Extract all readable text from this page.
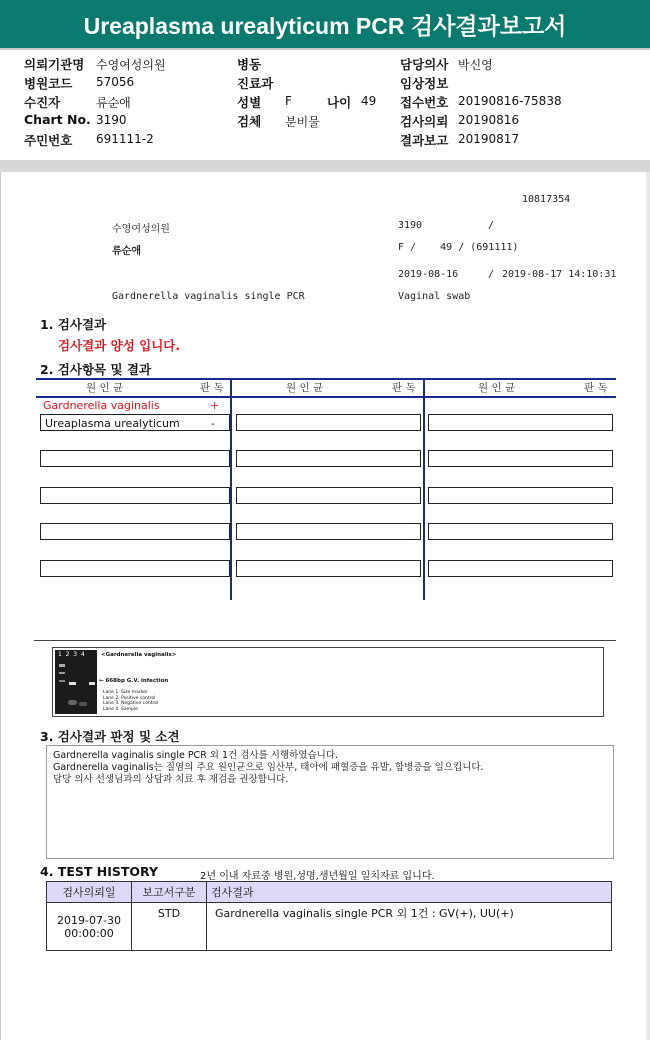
Ureaplasma urealyticum PCR 검사결과보고서
의뢰기관명 수영여성의원
병원코드 57056
수진자	류순애
Chart No. 3190
주민번호 691111-2
병동
진료과
성별 F	나이 49
검체 분비물
담당의사 박신영
임상정보
접수번호 20190816-75838
검사의뢰 20190816
결과보고 20190817
10817354
수영여성의원	3190	/
류순애	F /    49 / (691111)
2019-08-16	/ 2019-08-17 14:10:31
Gardnerella vaginalis single PCR	Vaginal swab
1. 검사결과
검사결과 양성 입니다.
2. 검사항목 및 결과
원 인 균	판 독	원 인 균	판 독	원 인 균	판 독
Gardnerella vaginalis	+
Ureaplasma urealyticum	-
1  2  3  4	<Gardnerella vaginalis>
← 668bp G.V. infection
Lane 1. Size marker
Lane 2. Positive control
Lane 3. Negative control
Lane 4. Sample
3. 검사결과 판정 및 소견
Gardnerella vaginalis single PCR 외 1건 검사를 시행하였습니다.
Gardnerella vaginalis는 질염의 주요 원인균으로 임산부, 태아에 패혈증을 유발, 합병증을 일으킵니다.
담당 의사 선생님과의 상담과 치료 후 재검을 권장합니다.
4. TEST HISTORY	2년 이내 자료중 병원,성명,생년월일 일치자료 입니다.
검사의뢰일	보고서구분	검사결과

2019-07-30
00:00:00	STD	Gardnerella vaginalis single PCR 외 1건 : GV(+), UU(+)
